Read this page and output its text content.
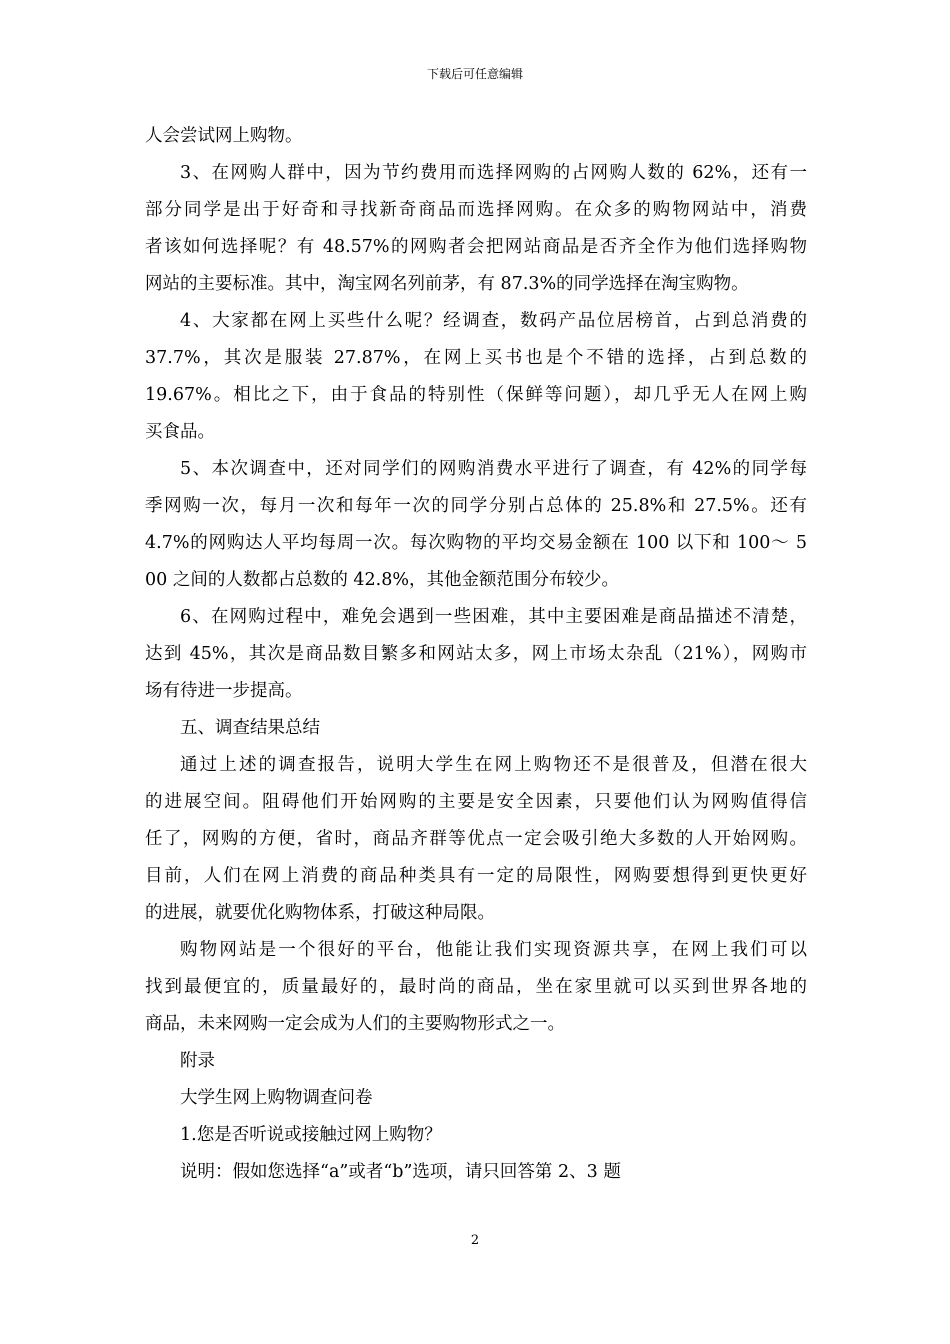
下载后可任意编辑
人会尝试网上购物。
3、在网购人群中，因为节约费用而选择网购的占网购人数的 62%，还有一
部分同学是出于好奇和寻找新奇商品而选择网购。在众多的购物网站中，消费
者该如何选择呢？有 48.57%的网购者会把网站商品是否齐全作为他们选择购物
网站的主要标准。其中，淘宝网名列前茅，有 87.3%的同学选择在淘宝购物。
4、大家都在网上买些什么呢？经调查，数码产品位居榜首，占到总消费的
37.7%，其次是服装 27.87%，在网上买书也是个不错的选择，占到总数的
19.67%。相比之下，由于食品的特别性（保鲜等问题），却几乎无人在网上购
买食品。
5、本次调查中，还对同学们的网购消费水平进行了调查，有 42%的同学每
季网购一次，每月一次和每年一次的同学分别占总体的 25.8%和 27.5%。还有
4.7%的网购达人平均每周一次。每次购物的平均交易金额在 100 以下和 100～ 5
00 之间的人数都占总数的 42.8%，其他金额范围分布较少。
6、在网购过程中，难免会遇到一些困难，其中主要困难是商品描述不清楚，
达到 45%，其次是商品数目繁多和网站太多，网上市场太杂乱（21%），网购市
场有待进一步提高。
五、调查结果总结
通过上述的调查报告，说明大学生在网上购物还不是很普及，但潜在很大
的进展空间。阻碍他们开始网购的主要是安全因素，只要他们认为网购值得信
任了，网购的方便，省时，商品齐群等优点一定会吸引绝大多数的人开始网购。
目前，人们在网上消费的商品种类具有一定的局限性，网购要想得到更快更好
的进展，就要优化购物体系，打破这种局限。
购物网站是一个很好的平台，他能让我们实现资源共享，在网上我们可以
找到最便宜的，质量最好的，最时尚的商品，坐在家里就可以买到世界各地的
商品，未来网购一定会成为人们的主要购物形式之一。
附录
大学生网上购物调查问卷
1.您是否听说或接触过网上购物？
说明：假如您选择“a”或者“b”选项，请只回答第 2、3 题
2
